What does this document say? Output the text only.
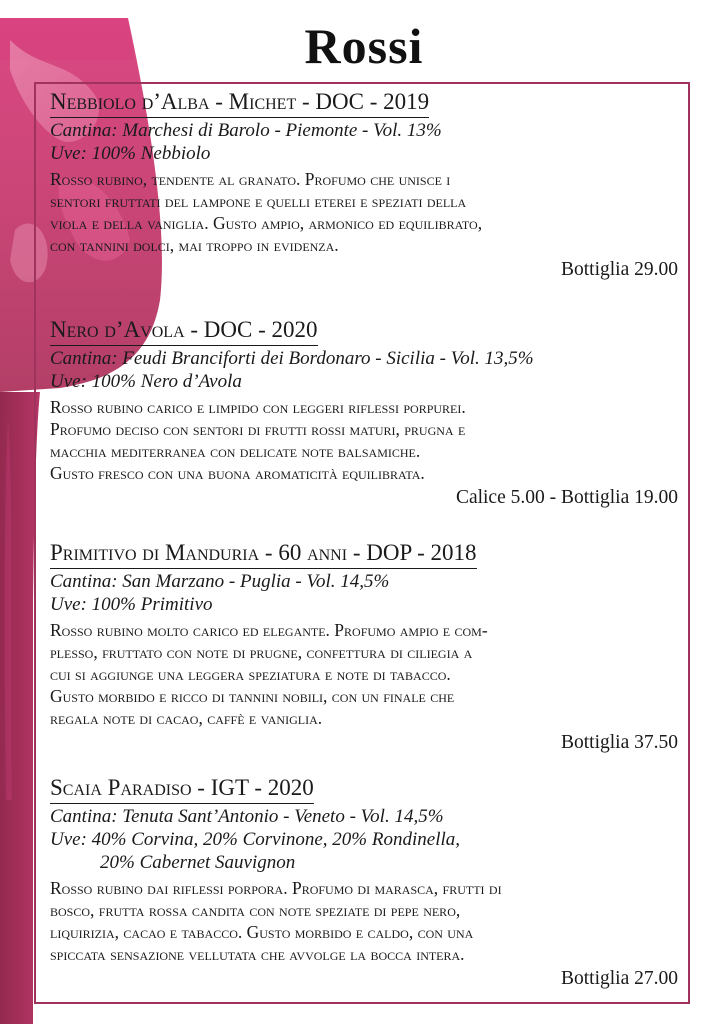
Rossi
Nebbiolo d’Alba - Michet - DOC - 2019
Cantina: Marchesi di Barolo - Piemonte - Vol. 13%
Uve: 100% Nebbiolo
Rosso rubino, tendente al granato. Profumo che unisce i
sentori fruttati del lampone e quelli eterei e speziati della
viola e della vaniglia. Gusto ampio, armonico ed equilibrato,
con tannini dolci, mai troppo in evidenza.
Bottiglia 29.00
Nero d’Avola - DOC - 2020
Cantina: Feudi Branciforti dei Bordonaro - Sicilia - Vol. 13,5%
Uve: 100% Nero d’Avola
Rosso rubino carico e limpido con leggeri riflessi porpurei.
Profumo deciso con sentori di frutti rossi maturi, prugna e
macchia mediterranea con delicate note balsamiche.
Gusto fresco con una buona aromaticità equilibrata.
Calice 5.00 - Bottiglia 19.00
Primitivo di Manduria - 60 anni - DOP - 2018
Cantina: San Marzano - Puglia - Vol. 14,5%
Uve: 100% Primitivo
Rosso rubino molto carico ed elegante. Profumo ampio e com-
plesso, fruttato con note di prugne, confettura di ciliegia a
cui si aggiunge una leggera speziatura e note di tabacco.
Gusto morbido e ricco di tannini nobili, con un finale che
regala note di cacao, caffè e vaniglia.
Bottiglia 37.50
Scaia Paradiso - IGT - 2020
Cantina: Tenuta Sant’Antonio - Veneto - Vol. 14,5%
Uve: 40% Corvina, 20% Corvinone, 20% Rondinella,
20% Cabernet Sauvignon
Rosso rubino dai riflessi porpora. Profumo di marasca, frutti di
bosco, frutta rossa candita con note speziate di pepe nero,
liquirizia, cacao e tabacco. Gusto morbido e caldo, con una
spiccata sensazione vellutata che avvolge la bocca intera.
Bottiglia 27.00
